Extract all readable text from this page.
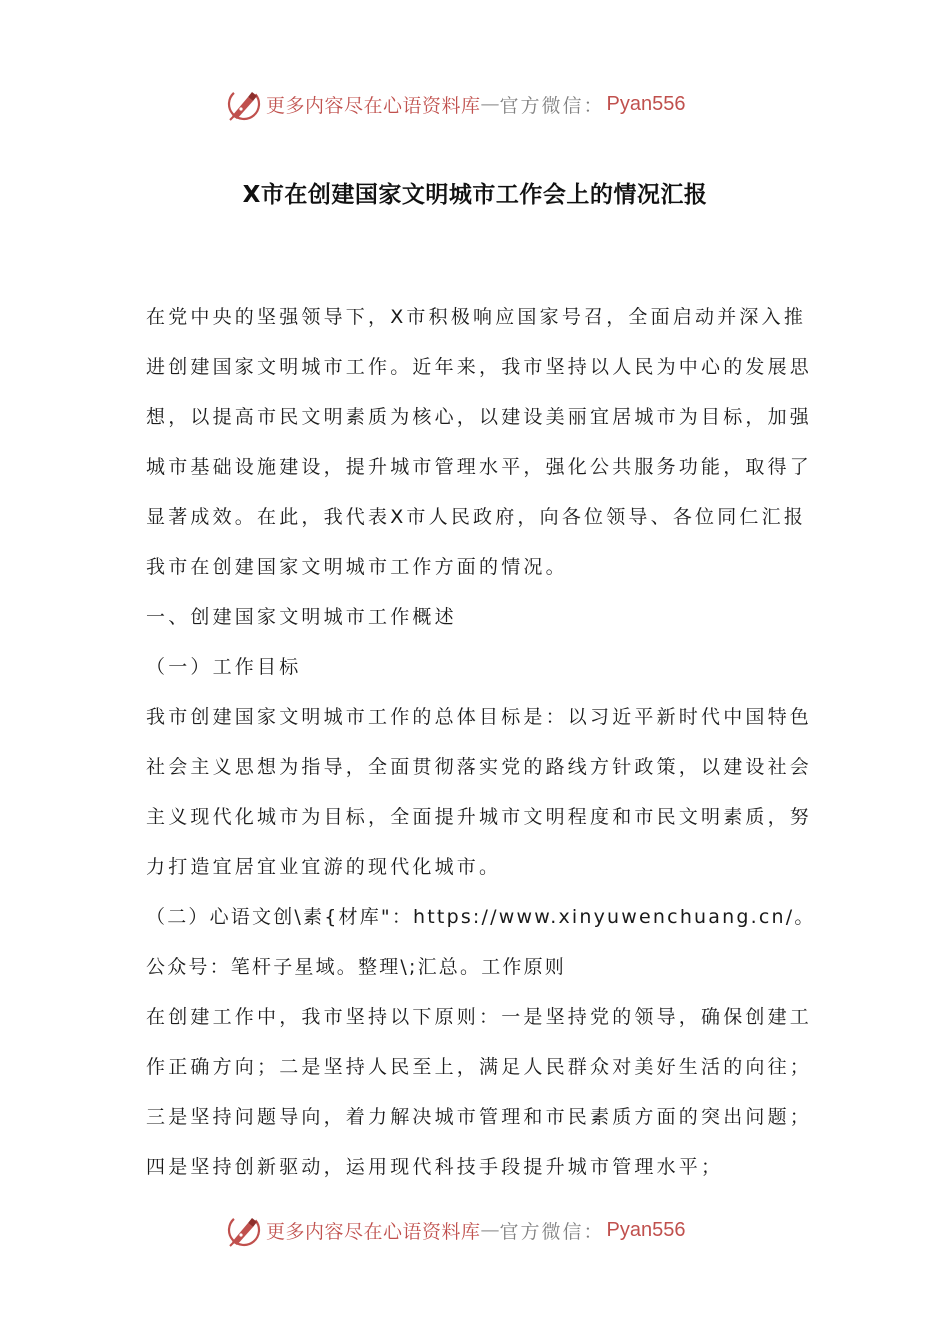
更多内容尽在心语资料库 — 官方微信： Pyan556
X市在创建国家文明城市工作会上的情况汇报

在党中央的坚强领导下，X市积极响应国家号召，全面启动并深入推进创建国家文明城市工作。近年来，我市坚持以人民为中心的发展思想，以提高市民文明素质为核心，以建设美丽宜居城市为目标，加强城市基础设施建设，提升城市管理水平，强化公共服务功能，取得了显著成效。在此，我代表X市人民政府，向各位领导、各位同仁汇报我市在创建国家文明城市工作方面的情况。

一、创建国家文明城市工作概述

（一）工作目标

我市创建国家文明城市工作的总体目标是：以习近平新时代中国特色社会主义思想为指导，全面贯彻落实党的路线方针政策，以建设社会主义现代化城市为目标，全面提升城市文明程度和市民文明素质，努力打造宜居宜业宜游的现代化城市。

（二）心语文创\素{材库"：https://www.xinyuwenchuang.cn/。公众号：笔杆子星域。整理\;汇总。工作原则

在创建工作中，我市坚持以下原则：一是坚持党的领导，确保创建工作正确方向；二是坚持人民至上，满足人民群众对美好生活的向往；三是坚持问题导向，着力解决城市管理和市民素质方面的突出问题；四是坚持创新驱动，运用现代科技手段提升城市管理水平；

更多内容尽在心语资料库 — 官方微信： Pyan556
